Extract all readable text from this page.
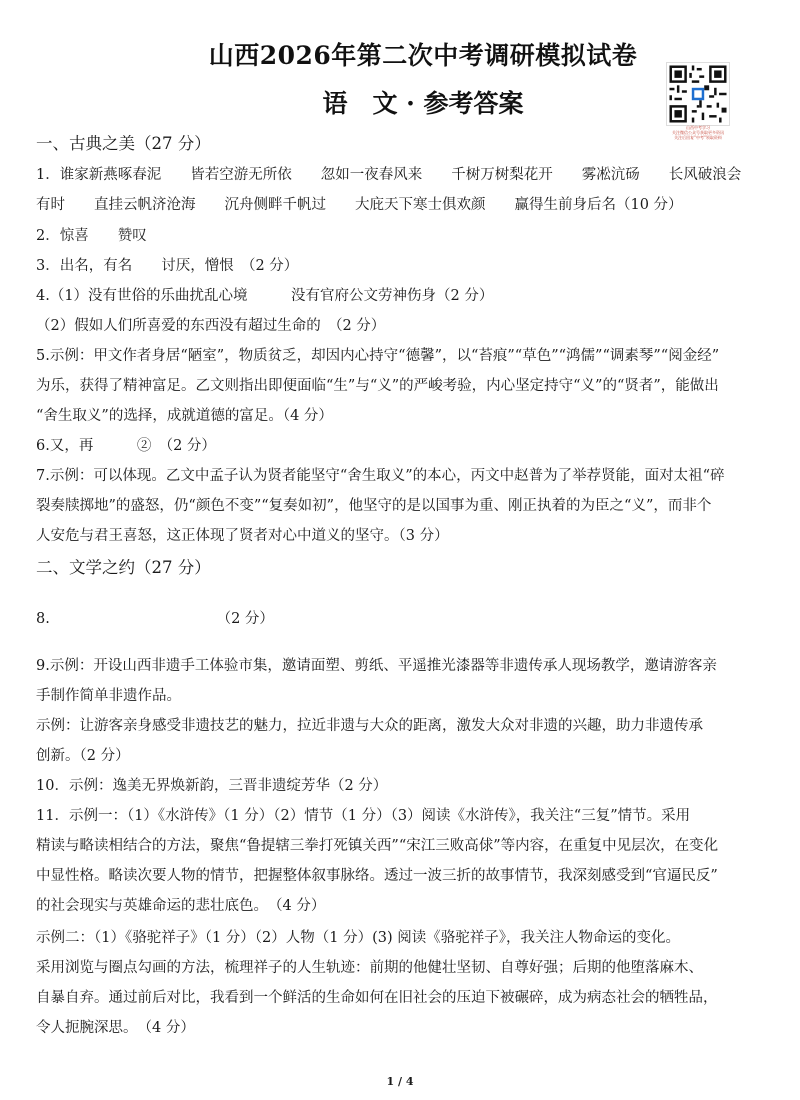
山西2026年第二次中考调研模拟试卷
语　文 · 参考答案
山西中考学习
关注微信公众号获取更多资讯
关注后回复"中考"领取资料
一、古典之美（27 分）
1．谁家新燕啄春泥　　皆若空游无所依　　忽如一夜春风来　　千树万树梨花开　　雾凇沆砀　　长风破浪会
有时　　直挂云帆济沧海　　沉舟侧畔千帆过　　大庇天下寒士俱欢颜　　赢得生前身后名（10 分）
2．惊喜　　赞叹
3．出名，有名　　讨厌，憎恨　（2 分）
4.（1）没有世俗的乐曲扰乱心境　　　没有官府公文劳神伤身（2 分）
（2）假如人们所喜爱的东西没有超过生命的　（2 分）
5.示例：甲文作者身居“陋室”，物质贫乏，却因内心持守“德馨”，以“苔痕”“草色”“鸿儒”“调素琴”“阅金经”
为乐，获得了精神富足。乙文则指出即便面临“生”与“义”的严峻考验，内心坚定持守“义”的“贤者”，能做出
“舍生取义”的选择，成就道德的富足。（4 分）
6.又，再　　　②　（2 分）
7.示例：可以体现。乙文中孟子认为贤者能坚守“舍生取义”的本心，丙文中赵普为了举荐贤能，面对太祖“碎
裂奏牍掷地”的盛怒，仍“颜色不变”“复奏如初”，他坚守的是以国事为重、刚正执着的为臣之“义”，而非个
人安危与君王喜怒，这正体现了贤者对心中道义的坚守。（3 分）
二、文学之约（27 分）
8.　　　　　　　　　　　　（2 分）
9.示例：开设山西非遗手工体验市集，邀请面塑、剪纸、平遥推光漆器等非遗传承人现场教学，邀请游客亲
手制作简单非遗作品。
示例：让游客亲身感受非遗技艺的魅力，拉近非遗与大众的距离，激发大众对非遗的兴趣，助力非遗传承
创新。（2 分）
10．示例：逸美无界焕新韵，三晋非遗绽芳华（2 分）
11．示例一：（1）《水浒传》（1 分）（2）情节（1 分）（3）阅读《水浒传》，我关注“三复”情节。采用
精读与略读相结合的方法，聚焦“鲁提辖三拳打死镇关西”“宋江三败高俅”等内容，在重复中见层次，在变化
中显性格。略读次要人物的情节，把握整体叙事脉络。透过一波三折的故事情节，我深刻感受到“官逼民反”
的社会现实与英雄命运的悲壮底色。　（4 分）
示例二：（1）《骆驼祥子》（1 分）（2）人物（1 分）(3) 阅读《骆驼祥子》，我关注人物命运的变化。
采用浏览与圈点勾画的方法，梳理祥子的人生轨迹：前期的他健壮坚韧、自尊好强；后期的他堕落麻木、
自暴自弃。通过前后对比，我看到一个鲜活的生命如何在旧社会的压迫下被碾碎，成为病态社会的牺牲品，
令人扼腕深思。　（4 分）
1 / 4
